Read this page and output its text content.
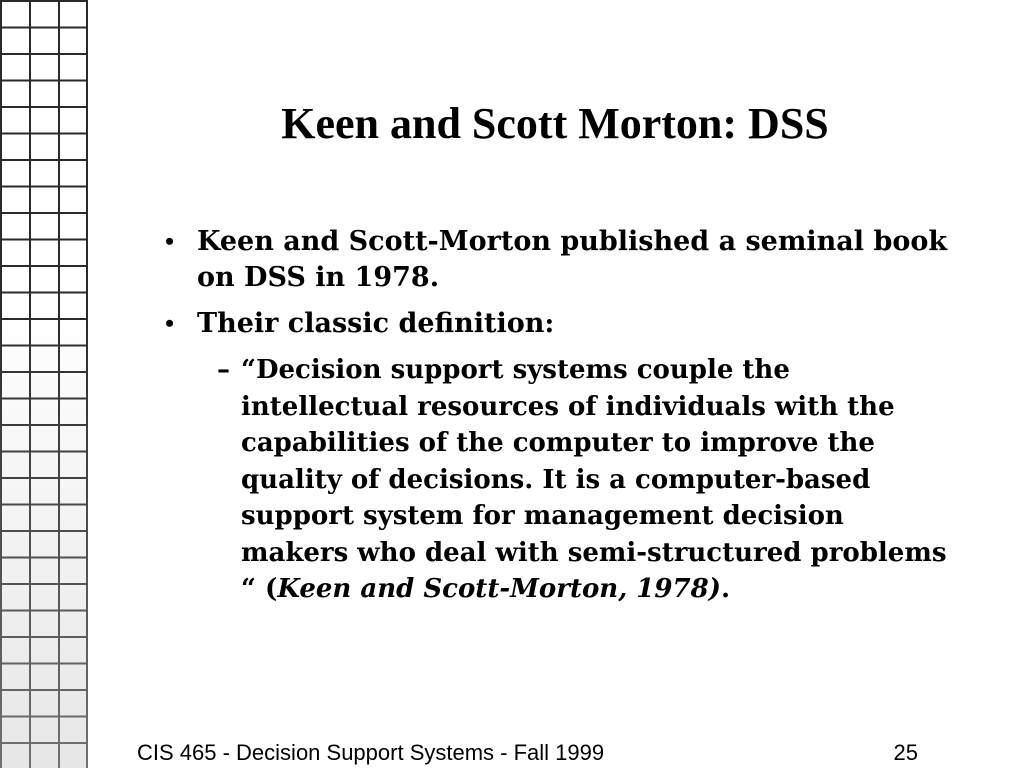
Keen and Scott Morton: DSS
• Keen and Scott-Morton published a seminal book on DSS in 1978.
• Their classic definition:
– “Decision support systems couple the intellectual resources of individuals with the capabilities of the computer to improve the quality of decisions. It is a computer-based support system for management decision makers who deal with semi-structured problems “ (Keen and Scott-Morton, 1978).
CIS 465 - Decision Support Systems - Fall 1999	25
